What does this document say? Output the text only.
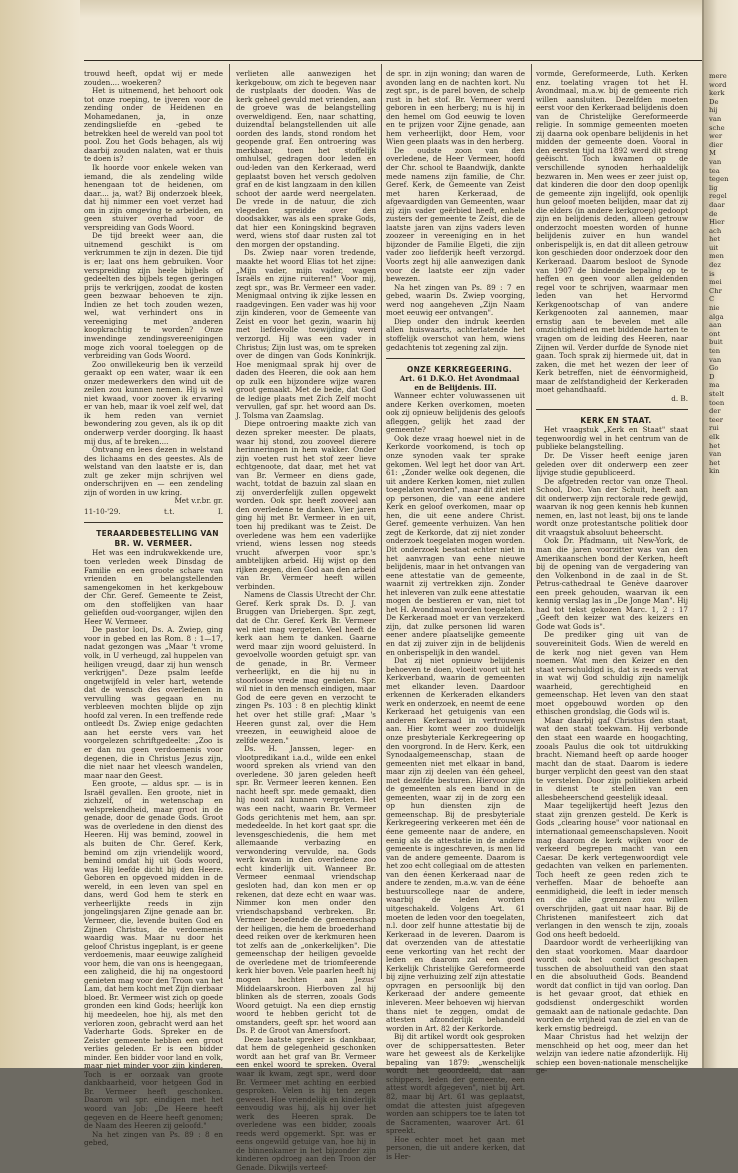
trouwd heeft, opdat wij er mede zouden.... woekeren?

Het is uitnemend, het behoort ook tot onze roeping, te ijveren voor de zending onder de Heidenen en Mohamedanen, ja, in onze zendingsliefde en -gebed te betrekken heel de wereld van pool tot pool. Zou het Gods behagen, als wij daarbij zouden nalaten, wat er thuis te doen is?

Ik hoorde voor enkele weken van iemand, die als zendeling wilde henengaan tot de heidenen, om daar.... ja, wat? Bij onderzoek bleek, dat hij nimmer een voet verzet had om in zijn omgeving te arbeiden, en geen stuiver overhad voor de verspreiding van Gods Woord.

De tijd breekt weer aan, die uitnemend geschikt is om verkrummen te zijn in dezen. Die tijd is er; laat ons hem gebruiken. Voor verspreiding zijn heele bijbels of gedeelten des bijbels tegen geringen prijs te verkrijgen, zoodat de kosten geen bezwaar behoeven te zijn. Indien ze het toch zouden wezen, wel, wat verhindert ons in vereeniging met anderen koopkrachtig te worden? Onze inwendinge zendingsvereenigingen moge zich vooral toeleggen op de verbreiding van Gods Woord.

Zoo onwillekeurig ben ik verzeild geraakt op een water, waar ik een onzer medewerkers den wind uit de zeilen zou kunnen nemen. Hij is wel niet kwaad, voor zoover ik ervaring er van heb, maar ik voel zelf wel, dat ik hem reden van verniet bewondering zou geven, als ik op dit onderwerp verder doorging. Ik haast mij dus, af te breken....

Ontvang en lees dezen in welstand des lichaams en des geestes. Als de welstand van den laatste er is, dan zult ge zeker mijn schrijven wel onderschrijven en — een zendeling zijn of worden in uw kring.

Met v.r.br. gr.

11-10-'29.	t.t.	I.

TERAARDEBESTELLING VAN BR. W. VERMEER.

Het was een indrukwekkende ure, toen verleden week Dinsdag de Familie en een groote schare van vrienden en belangstellenden samengekomen in het kerkgebouw der Chr. Geref. Gemeente te Zeist, om den stoffelijken van haar geliefden oud-voorganger, wijlen den Heer W. Vermeer.

De pastor loci, Ds. A. Zwiep, ging voor in gebed en las Rom. 8 : 1—17, nadat gezongen was „Maar 't vrome volk, in U verheugd, zal huppelen van heiligen vreugd, daar zij hun wensch verkrijgen". Deze psalm leefde ongetwijfeld in veler hart, wetende dat de wensch des overledenen in vervulling was gegaan en nu verbleeven mochten blijde op zijn hoofd zal veren. In een treffende rede ontleedt Ds. Zwiep enige gedachten aan het eerste vers van het voorgelezen schriftgedeelte: „Zoo is er dan nu geen verdoemenis voor degenen, die in Christus Jezus zijn, die niet naar het vleesch wandelen, maar naar den Geest.

Een groote, — aldus spr. — is in Israël gevallen. Een groote, niet in zichzelf, of in wetenschap en welsprekendheid, maar groot in de genade, door de genade Gods. Groot was de overledene in den dienst des Heeren. Hij was bemind, zoowel in als buiten de Chr. Geref. Kerk, bemind om zijn vriendelijk woord, bemind omdat hij uit Gods woord, was Hij leefde dicht bij den Heere. Geboren en opgevoed midden in de wereld, in een leven van spel en dans, werd God hem te sterk en verheerlijkte reeds in zijn jongelingsjaren Zijne genade aan br. Vermeer, die, levende buiten God en Zijnen Christus, de verdoemenis waardig was. Maar nu door het geloof Christus ingeplant, is er geene verdoemenis, maar eeuwige zaligheid voor hem, die van ons is heengegaan, een zaligheid, die hij na ongestoord genieten mag voor den Troon van het Lam, dat hem kocht met Zijn dierbaar bloed. Br. Vermeer wist zich op goede gronden een kind Gods; heerlijk kon hij meedeelen, hoe hij, als met den verloren zoon, gebracht werd aan het Vaderharte Gods. Spreker en de Zeister gemeente hebben een groot verlies geleden. Er is een bidder minder. Een bidder voor land en volk, maar niet minder voor zijn kinderen. Toch is er oorzaak van groote dankbaarheid, voor hetgeen God in Br. Vermeer heeft geschonken. Daarom wil spr. eindigen met het woord van Job: „De Heere heeft gegeven en de Heere heeft genomen; de Naam des Heeren zij geloofd."

Na het zingen van Ps. 89 : 8 en gebed,

verlieten alle aanwezigen het kerkgebouw, om zich te begeven naar de rustplaats der dooden. Was de kerk geheel gevuld met vrienden, aan de groeve was de belangstelling overweldigend. Een, naar schatting, duizendtal belangstellenden uit alle oorden des lands, stond rondom het geopende graf. Een ontroering was merkbaar, toen het stoffelijk omhulsel, gedragen door leden en oud-leden van den Kerkeraad, werd geplaatst boven het versch gedolven graf en de kist langzaam in den killen schoot der aarde werd neergelaten. De vrede in de natuur, die zich vlegeden spreidde over den doodsakker, was als een sprake Gods, dat hier een Koningskind begraven werd, wiens stof daar rusten zal tot den morgen der opstanding.

Ds. Zwiep naar voren tredende, maakte het woord Elias tot het zijne: „Mijn vader, mijn vader, wagen Israëls en zijne ruiteren!" Voor mij, zegt spr., was Br. Vermeer een vader. Menigmaal ontving ik zijke lessen en raadgevingen. Een vader was hij voor zijn kinderen, voor de Gemeente van Zeist en voor het gezin, waarin hij met liefdevolle toewijding werd verzorgd. Hij was een vader in Christus; Zijn lust was, om te spreken over de dingen van Gods Koninkrijk. Hoe menigmaal sprak hij over de daden des Heeren, die ook aan hem op zulk een bijzondere wijze waren groot gemaakt. Met de bede, dat God de ledige plaats met Zich Zelf mocht vervullen, gaf spr. het woord aan Ds. J. Tolsma van Zaamslag.

Diepe ontroering maakte zich van dezen spreker meester. De plaats, waar hij stond, zou zooveel dierere herinneringen in hem wakker. Onder zijn voeten rust het stof zeer lieve echtgenoote, dat daar, met het vat van Br. Vermeer en diens gade, wacht, totdat de bazuin zal slaan en zij onverderfelijk zullen opgewekt worden. Ook spr. heeft zooveel aan den overledene te danken. Vier jaren ging hij met Br. Vermeer in en uit, toen hij predikant was te Zeist. De overledene was hem een vaderlijke vriend, wiens lessen nog steeds vrucht afwerpen voor spr.'s ambtelijken arbeid. Hij wijst op den rijken zegen, dien God aan den arbeid van Br. Vermeer heeft willen verbinden.

Namens de Classis Utrecht der Chr. Geref. Kerk sprak Ds. D. J. van Bruggen van Driebergen. Spr. zegt, dat de Chr. Geref. Kerk Br. Vermeer wel niet mag vergeten. Veel heeft de kerk aan hem te danken. Gaarne werd maar zijn woord geluisterd. In gevoelvolle woorden getuigt spr. van de genade, in Br. Vermeer verheerlijkt, en die hij nu in stoorloose vrede mag genieten. Spr. wil niet in den mensch eindigen, maar God de eere geven en verzocht te zingen Ps. 103 : 8 en plechtig klinkt het over het stille graf: „Maar 's Heeren gunst zal, over die Hem vreezen, in eeuwigheid alooe de zelfde wezen."

Ds. H. Janssen, leger- en vlootpredikant i.a.d., wilde een enkel woord spreken als vriend van den overledene. 30 jaren geleden heeft spr. Br. Vermeer leeren kennen. Een nacht heeft spr. mede gemaakt, dien hij nooit zal kunnen vergeten. Het was een nacht, waarin Br. Vermeer Gods gerichtenis met hem, aan spr. mededeelde. In het kort gaat spr. die levensgeschiedenis, die hem met allemaande verbazing en verwondering vervulde, na. Gods werk kwam in den overledene zoo echt kinderlijk uit. Wanneer Br. Vermeer eenmaal vriendschap gesloten had, dan kon men er op rekenen, dat deze echt en waar was. Nimmer kon men onder den vriendschapsband verbreken. Br. Vermeer beoefende de gemeenschap der heiligen, die hem de broederhand deed reiken over de kerkmuren heen tot zelfs aan de „onkerkelijken". Die gemeenschap der heiligen gevoelde de overledene met de triomfeerende kerk hier boven. Vele paarlen heeft hij mogen hechten aan Jezus' Middelaarskroon. Hierboven zal hij blinken als de sterren, zooals Gods Woord getuigt. Na een diep ernstig woord te hebben gericht tot de omstanders, geeft spr. het woord aan Ds. P. de Groot van Amersfoort.

Deze laatste spreker is dankbaar, dat hem de gelegenheid geschonken wordt aan het graf van Br. Vermeer een enkel woord te spreken. Overal waar ik kwam, zegt spr., werd door Br. Vermeer met achting en eerbied gesproken. Velen is hij ten zegen geweest. Hoe vriendelijk en kinderlijk eenvoudig was hij, als hij over het werk des Heeren sprak. De overledene was een bidder, zooals reeds werd opgemerkt. Spr. was er eens ongewild getuige van, hoe hij in de binnenkamer in het bijzonder zijn kinderen opdroeg aan den Troon der Genade. Dikwijls verteef-

de spr. in zijn woning; dan waren de avonden lang en de nachten kort. Nu zegt spr., is de parel boven, de schelp rust in het stof. Br. Vermeer werd geboren in een herberg; nu is hij in den hemel om God eeuwig te loven en te prijzen voor Zijne genade, aan hem verheerlijkt, door Hem, voor Wien geen plaats was in den herberg.

De oudste zoon van den overledene, de Heer Vermeer, hoofd der Chr. school te Baandwijk, dankte mede namens zijn familie, de Chr. Geref. Kerk, de Gemeente van Zeist met haren Kerkeraad, de afgevaardigden van Gemeenten, waar zij zijn vader geërbied heeft, enhele zusters der gemeente te Zeist, die de laatste jaren van zijns vaders leven zoozeer in vereeniging en in het bijzonder de Familie Elgeti, die zijn vader zoo liefderijk heeft verzorgd. Voorts zegt hij alle aanwezigen dank voor de laatste eer zijn vader bewezen.

Na het zingen van Ps. 89 : 7 en gebed, waarin Ds. Zwiep voorging, werd nog aangeheven „Zijn Naam moet eeuwig eer ontvangen".

Diep onder den indruk keerden allen huiswaarts, achterlatende het stoffelijk overschot van hem, wiens gedachtenis tot zegening zal zijn.

ONZE KERKREGEERING.

Art. 61 D.K.O. Het Avondmaal en de Belijdenis. III.

Wanneer echter voluwassenen uit andere Kerken overkomen, moeten ook zij opnieuw belijdenis des geloofs afleggen, gelijk het zaad der gemeente?

Ook deze vraag hoewel niet in de Kerkorde voorkomend, is toch op onze synoden vaak ter sprake gekomen. Wel legt het door van Art. 61: „Zonder welke ook degenen, die uit andere Kerken komen, niet zullen toegelaten worden", maar dit ziet niet op personen, die van eene andere Kerk en geloof overkomen, maar op hen, die uit eene andere Christ. Geref. gemeente verhuizen. Van hen zegt de Kerkorde, dat zij niet zonder onderzoek toegelaten mogen worden. Dit onderzoek bestaat echter niet in het aanvragen van eene nieuwe belijdenis, maar in het ontvangen van eene attestatie van de gemeente, waarnit zij vertrekken zijn. Zonder het inleveren van zulk eene attestatie mogen de bestieren er van, niet tot het H. Avondmaal worden toegelaten. De Kerkeraad moet er van verzekerd zijn, dat zulke personen lid waren eener andere plaatselijke gemeente en dat zij zuiver zijn in de belijdenis en onberispelijk in den wandel.

Dat zij niet opnieuw belijdenis behoeven te doen, vloeit voort uit het Kerkverband, waarin de gemeenten met elkander leven. Daardoor erkennen de Kerkeraden elkanders werk en onderzoek, en neemt de eene Kerkeraad het getuigenis van een anderen Kerkeraad in vertrouwen aan. Hier komt weer zoo duidelijk onze presbyteriale Kerkregeering op den voorgrond. In de Herv. Kerk, een Synodaalgemeenschap, staan de gemeenten niet met elkaar in band, maar zijn zij deelen van één geheel, met dezelfde besturen. Hiervoor zijn de gemeenten als een band in de gemeenten, waar zij in de zorg een op hun diensten zijn de gemeenschap. Bij de presbyteriale Kerkregeering verkeeren met één de éene gemeente naar de andere, en eenig als de attestatie in de andere gemeente is ingeschreven, is men lid van de andere gemeente. Daarom is het zoo echt collegiaal om de attesten van den éenen Kerkeraad naar de andere te zenden, m.a.w. van de ééne bestuurscollege naar de andere, waarbij de leden worden uitgeschakeld. Volgens Art. 61 moeten de leden voor den toegelaten, n.l. door zelf hunne attestatie bij de Kerkeraad in de leveren. Daarom is dat overzenden van de attestatie eene verkorting van het recht der leden en daarom zal een goed Kerkelijk Christelijke Gereformeerde bij zijne verhuizing zelf zijn attestatie opvragen en persoonlijk bij den Kerkeraad der andere gemeente inleveren. Meer behoeven wij hiervan thans niet te zeggen, omdat de attesten afzonderlijk behandeld worden in Art. 82 der Kerkorde.

Bij dit artikel wordt ook gesproken over de schippersattesten. Beter ware het geweest als de Kerkelijke bepaling van 1879: „wenschelijk wordt het geoordeeld, dat aan schippers, leden der gemeente, een attest wordt afgegeven", niet bij Art. 82, maar bij Art. 61 was geplaatst, omdat die attesten juist afgegeven worden aan schippers toe te laten tot de Sacramenten, waarover Art. 61 spreekt.

Hoe echter moet het gaan met personen, die uit andere kerken, dat is Her-

vormde, Gereformeerde, Luth. Kerken enz. toelating vragen tot het H. Avondmaal, m.a.w. bij de gemeente rich willen aansluiten. Dezelfden moeten eerst voor den Kerkeraad belijdenis doen van de Christelijke Gereformeerde religie. In sommige gemeenten moeten zij daarna ook openbare belijdenis in het midden der gemeente doen. Vooral in den eersten tijd na 1892 werd dit streng geëischt. Toch kwamen op de verschillende synoden herhaaldelijk bezwaren in. Men wees er zeer juist op, dat kinderen die door den doop openlijk de gemeente zijn ingelijfd, ook openlijk hun geloof moeten belijden, maar dat zij die elders (in andere kerkgroep) gedoopt zijn en belijdenis deden, alleen getrouw onderzocht moesten worden of hunne belijdenis zuiver en hun wandel onberispelijk is, en dat dit alleen getrouw kon geschieden door onderzoek door den Kerkeraad. Daarom besloot de Synode van 1907 de bindende bepaling op te heffen en geen voor allen geldenden regel voor te schrijven, waarmaar men leden van het Hervormd Kerkgenootschap of van andere Kerkgenooten zal aannemen, maar ernstig aan te bevelen met alle omzichtigheid en met biddende harten te vragen om de leiding des Heeren, naar Zijnen wil. Verder durfde de Synode niet gaan. Toch sprak zij hiermede uit, dat in zaken, die met het wezen der leer of Kerk betreffen, niet de éénvormigheid, maar de zelfstandigheid der Kerkeraden moet gehandhaafd.

d. B.

KERK EN STAAT.

Het vraagstuk „Kerk en Staat" staat tegenwoordig wel in het centrum van de publieke belangstelling.

Dr. De Visser heeft eenige jaren geleden over dit onderwerp een zeer lijvige studie gepubliceerd.

De afgetreden rector van onze Theol. School, Doc. Van der Schuit, heeft aan dit onderwerp zijn rectorale rede gewijd, waarvan ik nog geen kennis heb kunnen nemen, en, last not least, bij ons te lande wordt onze protestantsche politiek door dit vraagstuk absoluut beheerscht.

Ook Dr. Pfadmann, uit New-York, de man die jaren voorzitter was van den Amerikaanschen bond der Kerken, heeft bij de opening van de vergadering van den Volkenbond in de zaal in de St. Petrus-cathedraal te Genève daarover een preek gehouden, waarvan ik een kennig verslag las in „De Jonge Man". Hij had tot tekst gekozen Marc. 1, 2 : 17 „Geeft den keizer wat des keizers en Gode wat Gods is".

De prediker ging uit van de souvereiniteit Gods. Wien de wereld en de kerk nog niet geven van Hem noemen. Wat men den Keizer en den staat verschuldigd is, dat is reeds vervat in wat wij God schuldig zijn namelijk waarheid, gerechtigheid en gemeenschap. Het leven van den staat moet opgebouwd worden op den ethischen grondslag, die Gods wil is.

Maar daarbij gaf Christus den staat, wat den staat toekwam. Hij verbonde den staat een waarde en hoogachting, zooals Paulus die ook tot uitdrukking bracht. Niemand heeft op aarde hooger macht dan de staat. Daarom is iedere burger verplicht den geest van den staat te verstelen. Door zijn politieken arbeid in dienst te stellen van een allesbeheerschend geestelijk ideaal.

Maar tegelijkertijd heeft Jezus den staat zijn grenzen gesteld. De Kerk is Gods „clearing house" voor nationaal en internationaal gemeenschapsleven. Nooit mag daarom de kerk wijken voor de verkeerd begrepen macht van een Caesar. De kerk vertegenwoordigt vele gedachten van velken en parlementen. Toch heeft ze geen reden zich te verheffen. Maar de behoefte aan eenmidigheid, die leeft in ieder mensch en die alle grenzen zou willen overschrijden, gaat uit naar haar. Bij de Christenen manifesteert zich dat verlangen in den wensch te zijn, zooals God ons heeft bedoeld.

Daardoor wordt de verheerlijking van den staat voorkomen. Maar daardoor wordt ook het conflict geschapen tusschen de absoluutheid van den staat en die absoluutheid Gods. Beandend wordt dat conflict in tijd van oorlog. Dan is het gevaar groot, dat ethiek en godsdienst ondergeschikt worden gemaakt aan de nationale gedachte. Dan worden de vrijheid van de ziel en van de kerk ernstig bedreigd.

Maar Christus had het welzijn der menschheid op het oog, meer dan het welzijn van iedere natie afzonderlijk. Hij schiep een boven-nationale menschelijke ge-

mere
word
kerk
De
hij
van
sche
wer
dier
M
van
tea
tegen
lig
regel
daar
de
Hier
ach
het
uit
men
dez
is
mei
Chr
C
nie
alga
aan
ont
buit
ten
van
Go
D
ma
stelt
toen
der
teer
rui
elk
het
van
het
kin
